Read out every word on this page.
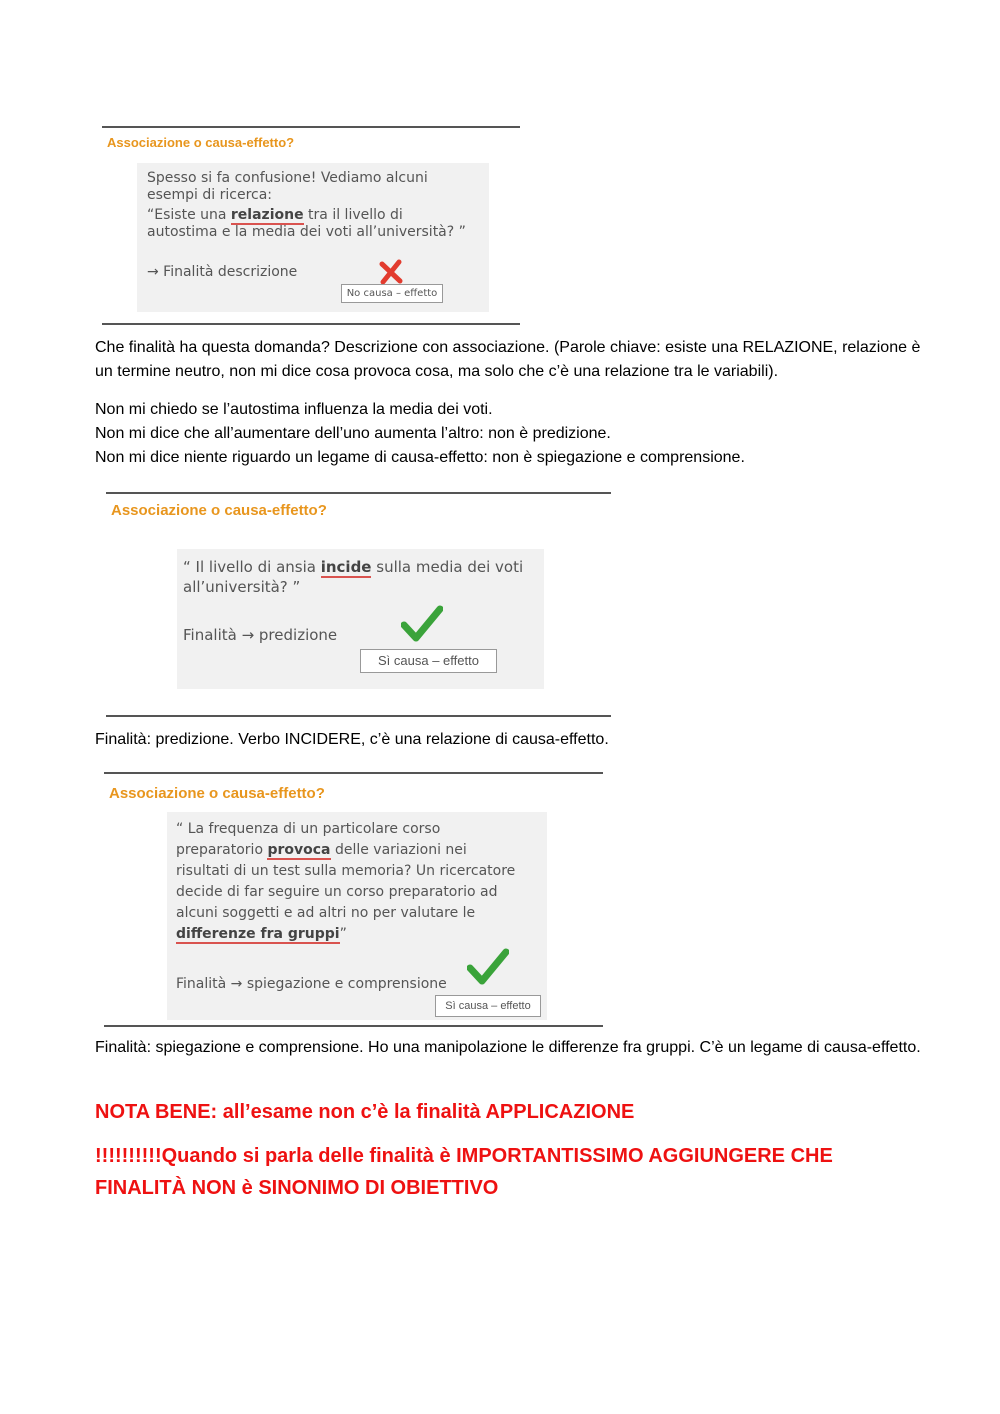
Associazione o causa-effetto?
Spesso si fa confusione! Vediamo alcuni
esempi di ricerca:
“Esiste una relazione tra il livello di
autostima e la media dei voti all’università? ”
→ Finalità descrizione
No causa – effetto

Che finalità ha questa domanda? Descrizione con associazione. (Parole chiave: esiste una RELAZIONE, relazione è un termine neutro, non mi dice cosa provoca cosa, ma solo che c’è una relazione tra le variabili).

Non mi chiedo se l’autostima influenza la media dei voti.
Non mi dice che all’aumentare dell’uno aumenta l’altro: non è predizione.
Non mi dice niente riguardo un legame di causa-effetto: non è spiegazione e comprensione.
Associazione o causa-effetto?
“ Il livello di ansia incide sulla media dei voti
all’università? ”
Finalità → predizione
Sì causa – effetto

Finalità: predizione. Verbo INCIDERE, c’è una relazione di causa-effetto.

Associazione o causa-effetto?
“ La frequenza di un particolare corso
preparatorio provoca delle variazioni nei
risultati di un test sulla memoria? Un ricercatore
decide di far seguire un corso preparatorio ad
alcuni soggetti e ad altri no per valutare le
differenze fra gruppi”
Finalità → spiegazione e comprensione
Sì causa – effetto

Finalità: spiegazione e comprensione. Ho una manipolazione le differenze fra gruppi. C’è un legame di causa-effetto.

NOTA BENE: all’esame non c’è la finalità APPLICAZIONE

!!!!!!!!!!Quando si parla delle finalità è IMPORTANTISSIMO AGGIUNGERE CHE FINALITÀ NON è SINONIMO DI OBIETTIVO
